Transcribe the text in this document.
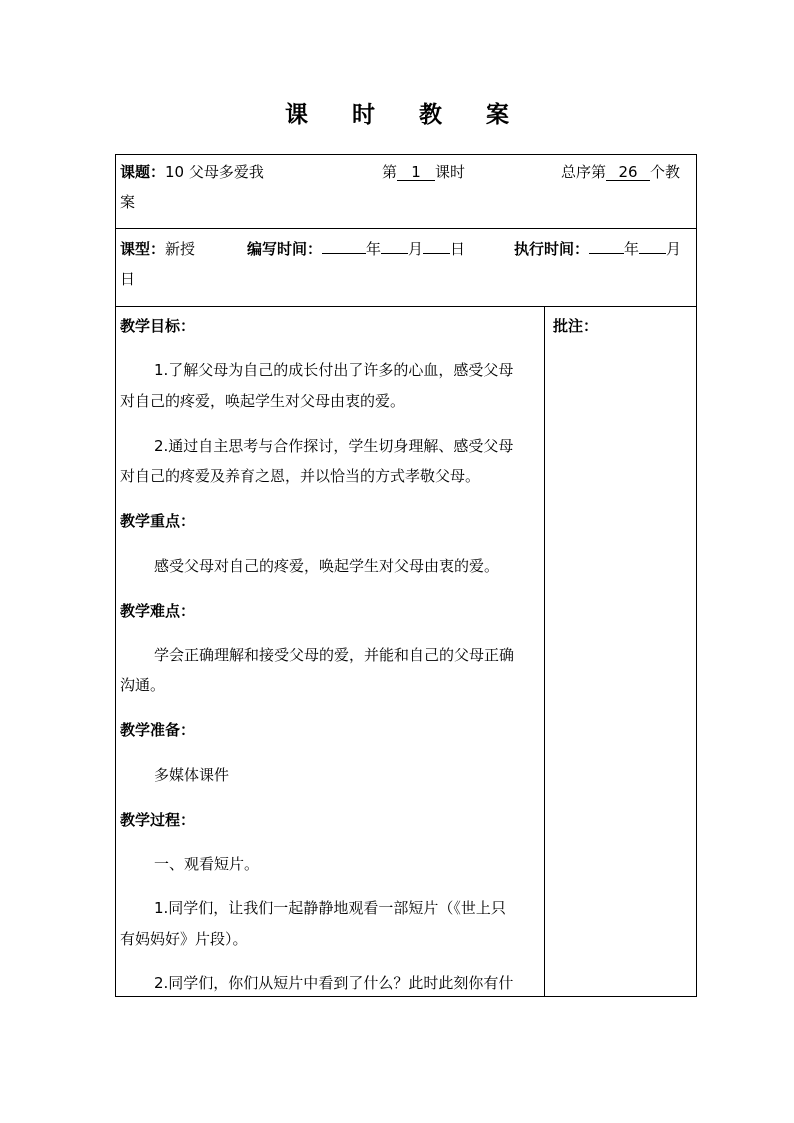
课 时 教 案
课题：10 父母多爱我	第 1 课时	总序第 26 个教
案
课型：新授	编写时间：	年 月 日	执行时间： 年 月
日
批注：
教学目标：
1.了解父母为自己的成长付出了许多的心血，感受父母
对自己的疼爱，唤起学生对父母由衷的爱。
2.通过自主思考与合作探讨，学生切身理解、感受父母
对自己的疼爱及养育之恩，并以恰当的方式孝敬父母。
教学重点：
感受父母对自己的疼爱，唤起学生对父母由衷的爱。
教学难点：
学会正确理解和接受父母的爱，并能和自己的父母正确
沟通。
教学准备：
多媒体课件
教学过程：
一、观看短片。
1.同学们，让我们一起静静地观看一部短片（《世上只
有妈妈好》片段）。
2.同学们，你们从短片中看到了什么？此时此刻你有什
